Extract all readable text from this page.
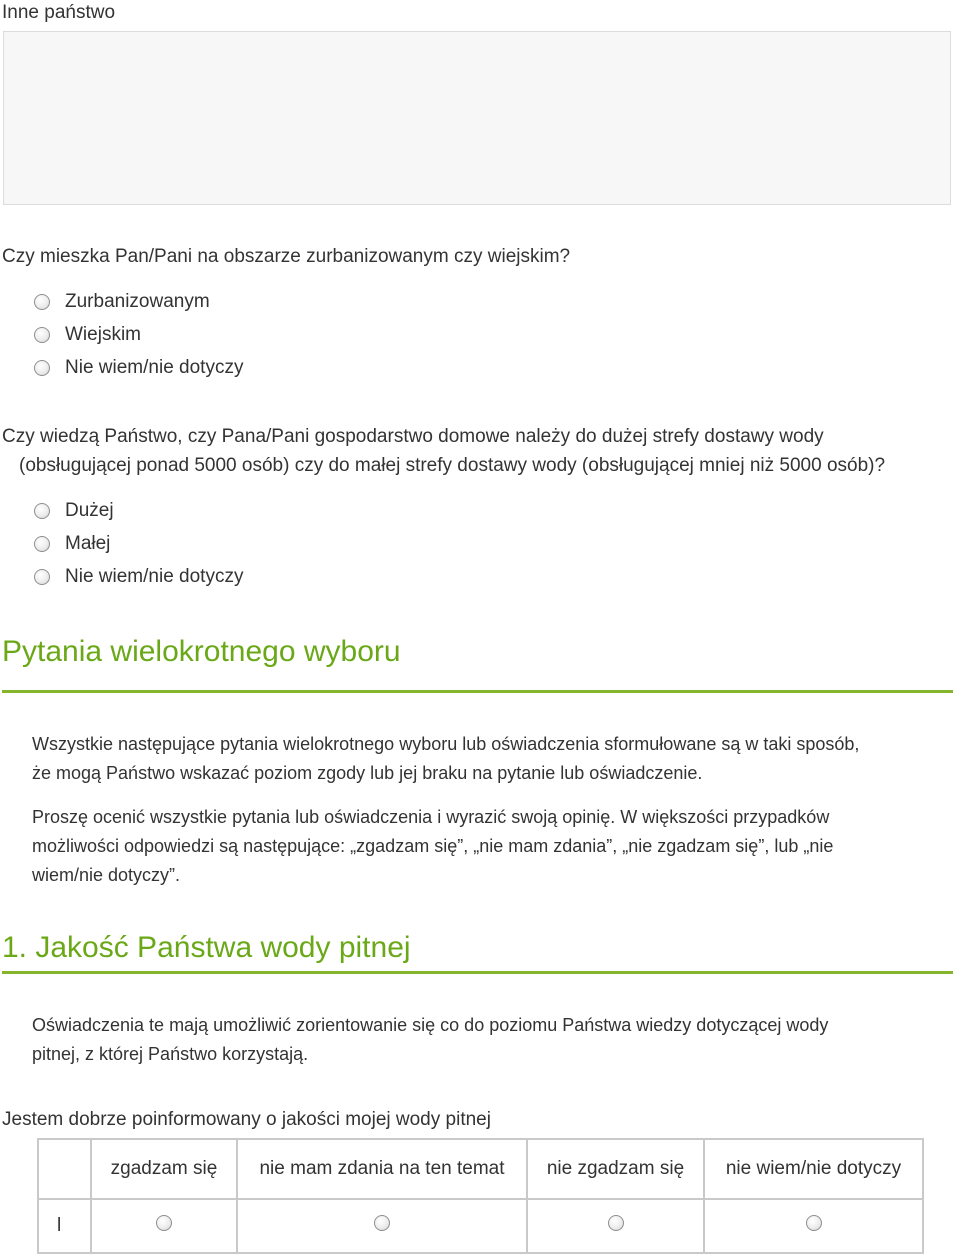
Inne państwo
Czy mieszka Pan/Pani na obszarze zurbanizowanym czy wiejskim?
Zurbanizowanym
Wiejskim
Nie wiem/nie dotyczy
Czy wiedzą Państwo, czy Pana/Pani gospodarstwo domowe należy do dużej strefy dostawy wody
(obsługującej ponad 5000 osób) czy do małej strefy dostawy wody (obsługującej mniej niż 5000 osób)?
Dużej
Małej
Nie wiem/nie dotyczy
Pytania wielokrotnego wyboru
Wszystkie następujące pytania wielokrotnego wyboru lub oświadczenia sformułowane są w taki sposób,
że mogą Państwo wskazać poziom zgody lub jej braku na pytanie lub oświadczenie.
Proszę ocenić wszystkie pytania lub oświadczenia i wyrazić swoją opinię. W większości przypadków
możliwości odpowiedzi są następujące: „zgadzam się”, „nie mam zdania”, „nie zgadzam się”, lub „nie
wiem/nie dotyczy”.
1. Jakość Państwa wody pitnej
Oświadczenia te mają umożliwić zorientowanie się co do poziomu Państwa wiedzy dotyczącej wody
pitnej, z której Państwo korzystają.
Jestem dobrze poinformowany o jakości mojej wody pitnej
	zgadzam się	nie mam zdania na ten temat	nie zgadzam się	nie wiem/nie dotyczy
l				
